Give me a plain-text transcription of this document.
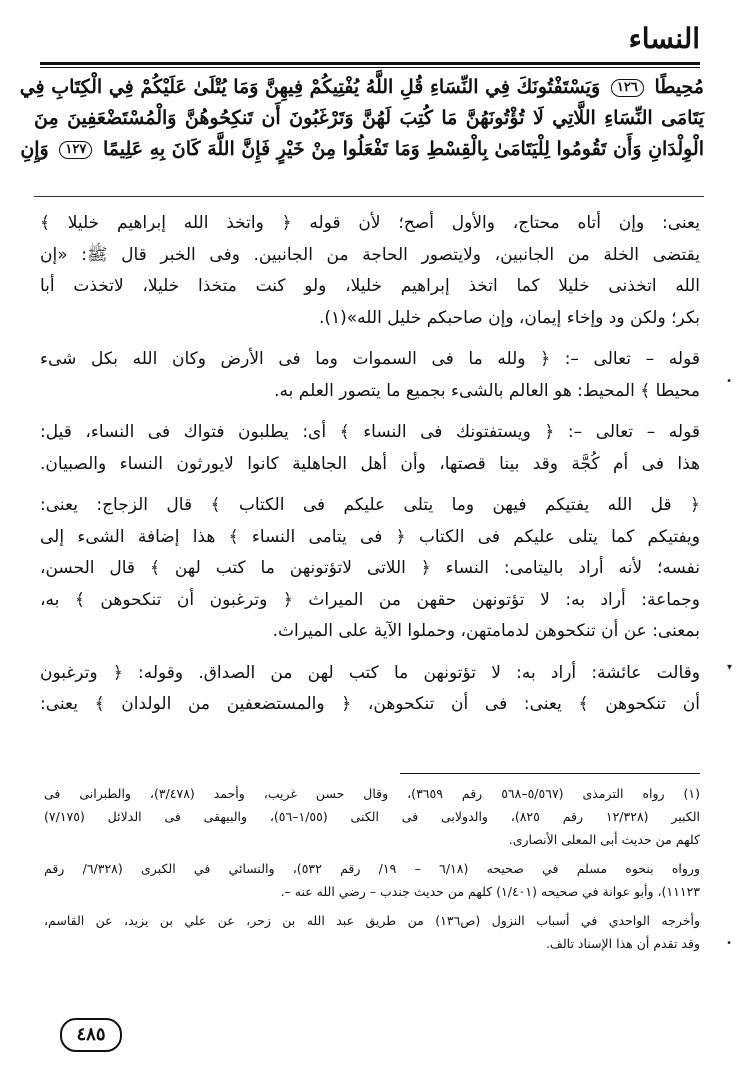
النساء
مُحِيطًا ١٢٦ وَيَسْتَفْتُونَكَ فِي النِّسَاءِ قُلِ اللَّهُ يُفْتِيكُمْ فِيهِنَّ وَمَا يُتْلَىٰ عَلَيْكُمْ فِي الْكِتَابِ فِي
يَتَامَى النِّسَاءِ اللَّاتِي لَا تُؤْتُونَهُنَّ مَا كُتِبَ لَهُنَّ وَتَرْغَبُونَ أَن تَنكِحُوهُنَّ وَالْمُسْتَضْعَفِينَ مِنَ
الْوِلْدَانِ وَأَن تَقُومُوا لِلْيَتَامَىٰ بِالْقِسْطِ وَمَا تَفْعَلُوا مِنْ خَيْرٍ فَإِنَّ اللَّهَ كَانَ بِهِ عَلِيمًا ١٢٧ وَإِنِ
يعنى: وإن أتاه محتاج، والأول أصح؛ لأن قوله ﴿ واتخذ الله إبراهيم خليلا ﴾
يقتضى الخلة من الجانبين، ولايتصور الحاجة من الجانبين. وفى الخبر قال ﷺ: «إن
الله اتخذنى خليلا كما اتخذ إبراهيم خليلا، ولو كنت متخذا خليلا، لاتخذت أبا
بكر؛ ولكن ود وإخاء إيمان، وإن صاحبكم خليل الله»(١).
قوله – تعالى –: ﴿ ولله ما فى السموات وما فى الأرض وكان الله بكل شىء
محيطا ﴾ المحيط: هو العالم بالشىء بجميع ما يتصور العلم به.
قوله – تعالى –: ﴿ ويستفتونك فى النساء ﴾ أى: يطلبون فتواك فى النساء، قيل:
هذا فى أم كُجَّة وقد بينا قصتها، وأن أهل الجاهلية كانوا لايورثون النساء والصبيان.
﴿ قل الله يفتيكم فيهن وما يتلى عليكم فى الكتاب ﴾ قال الزجاج: يعنى:
ويفتيكم كما يتلى عليكم فى الكتاب ﴿ فى يتامى النساء ﴾ هذا إضافة الشىء إلى
نفسه؛ لأنه أراد باليتامى: النساء ﴿ اللاتى لاتؤتونهن ما كتب لهن ﴾ قال الحسن،
وجماعة: أراد به: لا تؤتونهن حقهن من الميراث ﴿ وترغبون أن تنكحوهن ﴾ به،
بمعنى: عن أن تنكحوهن لدمامتهن، وحملوا الآية على الميراث.
وقالت عائشة: أراد به: لا تؤتونهن ما كتب لهن من الصداق. وقوله: ﴿ وترغبون
أن تنكحوهن ﴾ يعنى: فى أن تنكحوهن، ﴿ والمستضعفين من الولدان ﴾ يعنى:
(١) رواه الترمذى (٥/٥٦٧–٥٦٨ رقم ٣٦٥٩)، وقال حسن غريب، وأحمد (٣/٤٧٨)، والطبرانى فى
الكبير (١٢/٣٢٨ رقم ٨٢٥)، والدولابى فى الكنى (١/٥٥–٥٦)، والبيهقى فى الدلائل (٧/١٧٥)
كلهم من حديث أبى المعلى الأنصارى.
ورواه بنحوه مسلم في صحيحه (٦/١٨ – ١٩/ رقم ٥٣٢)، والنسائي في الكبرى (٦/٣٢٨/ رقم
١١١٢٣)، وأبو عوانة في صحيحه (١/٤٠١) كلهم من حديث جندب – رضي الله عنه –.
وأخرجه الواحدي في أسباب النزول (ص١٣٦) من طريق عبد الله بن زحر، عن علي بن يزيد، عن القاسم،
وقد تقدم أن هذا الإسناد تالف.
٤٨٥
•
▾
•
